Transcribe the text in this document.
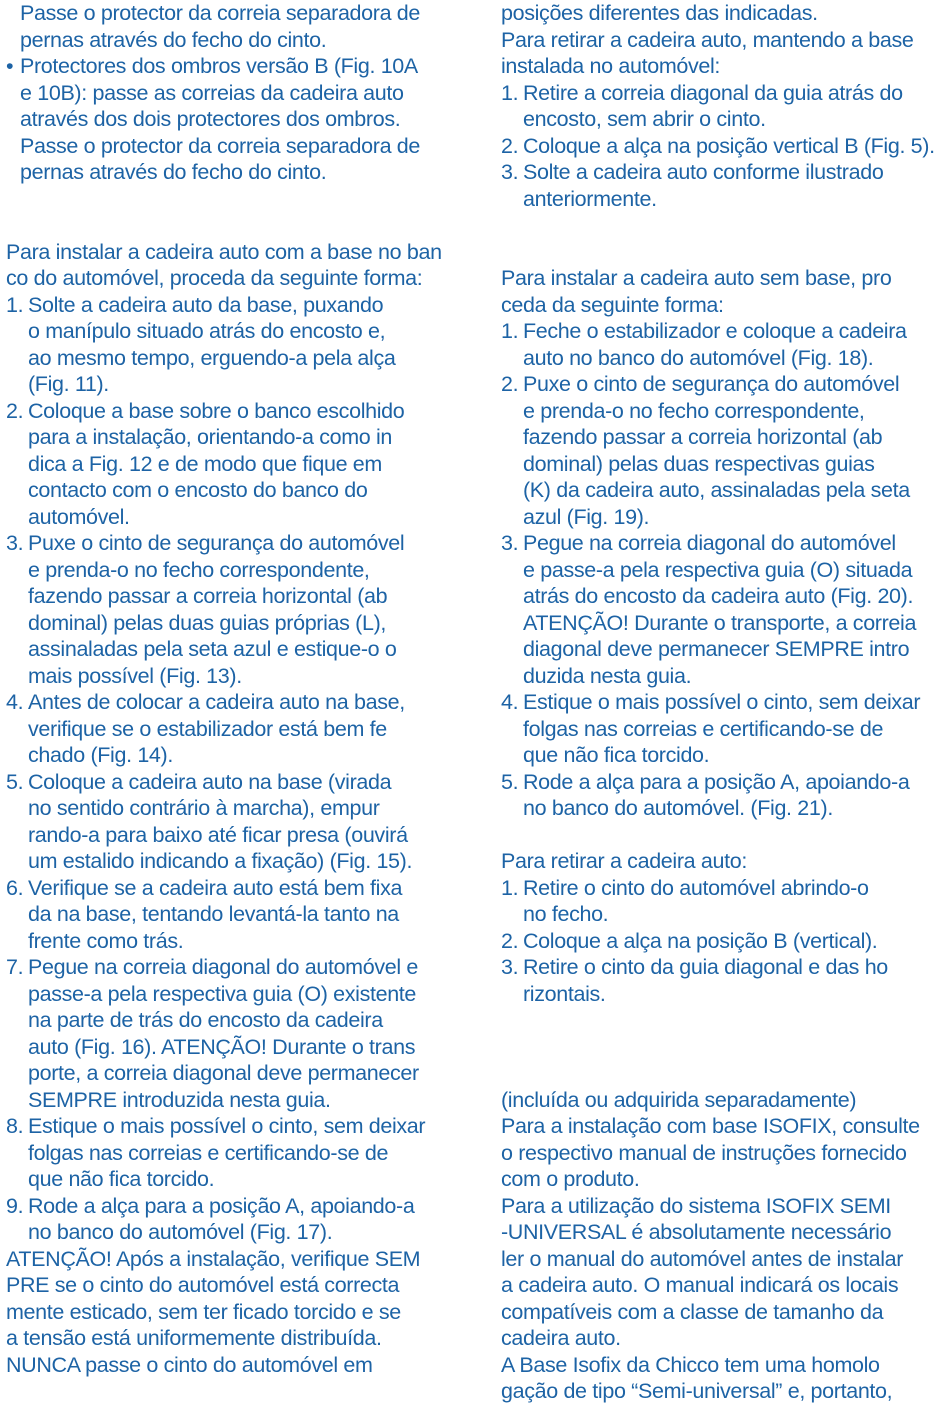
Passe o protector da correia separadora de
pernas através do fecho do cinto.
• Protectores dos ombros versão B (Fig. 10A
e 10B): passe as correias da cadeira auto
através dos dois protectores dos ombros.
Passe o protector da correia separadora de
pernas através do fecho do cinto.
Para instalar a cadeira auto com a base no ban
co do automóvel, proceda da seguinte forma:
1. Solte a cadeira auto da base, puxando
o manípulo situado atrás do encosto e,
ao mesmo tempo, erguendo-a pela alça
(Fig. 11).
2. Coloque a base sobre o banco escolhido
para a instalação, orientando-a como in
dica a Fig. 12 e de modo que fique em
contacto com o encosto do banco do
automóvel.
3. Puxe o cinto de segurança do automóvel
e prenda-o no fecho correspondente,
fazendo passar a correia horizontal (ab
dominal) pelas duas guias próprias (L),
assinaladas pela seta azul e estique-o o
mais possível (Fig. 13).
4. Antes de colocar a cadeira auto na base,
verifique se o estabilizador está bem fe
chado (Fig. 14).
5. Coloque a cadeira auto na base (virada
no sentido contrário à marcha), empur
rando-a para baixo até ficar presa (ouvirá
um estalido indicando a fixação) (Fig. 15).
6. Verifique se a cadeira auto está bem fixa
da na base, tentando levantá-la tanto na
frente como trás.
7. Pegue na correia diagonal do automóvel e
passe-a pela respectiva guia (O) existente
na parte de trás do encosto da cadeira
auto (Fig. 16). ATENÇÃO! Durante o trans
porte, a correia diagonal deve permanecer
SEMPRE introduzida nesta guia.
8. Estique o mais possível o cinto, sem deixar
folgas nas correias e certificando-se de
que não fica torcido.
9. Rode a alça para a posição A, apoiando-a
no banco do automóvel (Fig. 17).
ATENÇÃO! Após a instalação, verifique SEM
PRE se o cinto do automóvel está correcta
mente esticado, sem ter ficado torcido e se
a tensão está uniformemente distribuída.
NUNCA passe o cinto do automóvel em
posições diferentes das indicadas.
Para retirar a cadeira auto, mantendo a base
instalada no automóvel:
1. Retire a correia diagonal da guia atrás do
encosto, sem abrir o cinto.
2. Coloque a alça na posição vertical B (Fig. 5).
3. Solte a cadeira auto conforme ilustrado
anteriormente.
Para instalar a cadeira auto sem base, pro
ceda da seguinte forma:
1. Feche o estabilizador e coloque a cadeira
auto no banco do automóvel (Fig. 18).
2. Puxe o cinto de segurança do automóvel
e prenda-o no fecho correspondente,
fazendo passar a correia horizontal (ab
dominal) pelas duas respectivas guias
(K) da cadeira auto, assinaladas pela seta
azul (Fig. 19).
3. Pegue na correia diagonal do automóvel
e passe-a pela respectiva guia (O) situada
atrás do encosto da cadeira auto (Fig. 20).
ATENÇÃO! Durante o transporte, a correia
diagonal deve permanecer SEMPRE intro
duzida nesta guia.
4. Estique o mais possível o cinto, sem deixar
folgas nas correias e certificando-se de
que não fica torcido.
5. Rode a alça para a posição A, apoiando-a
no banco do automóvel. (Fig. 21).
Para retirar a cadeira auto:
1. Retire o cinto do automóvel abrindo-o
no fecho.
2. Coloque a alça na posição B (vertical).
3. Retire o cinto da guia diagonal e das ho
rizontais.
(incluída ou adquirida separadamente)
Para a instalação com base ISOFIX, consulte
o respectivo manual de instruções fornecido
com o produto.
Para a utilização do sistema ISOFIX SEMI
-UNIVERSAL é absolutamente necessário
ler o manual do automóvel antes de instalar
a cadeira auto. O manual indicará os locais
compatíveis com a classe de tamanho da
cadeira auto.
A Base Isofix da Chicco tem uma homolo
gação de tipo “Semi-universal” e, portanto,
